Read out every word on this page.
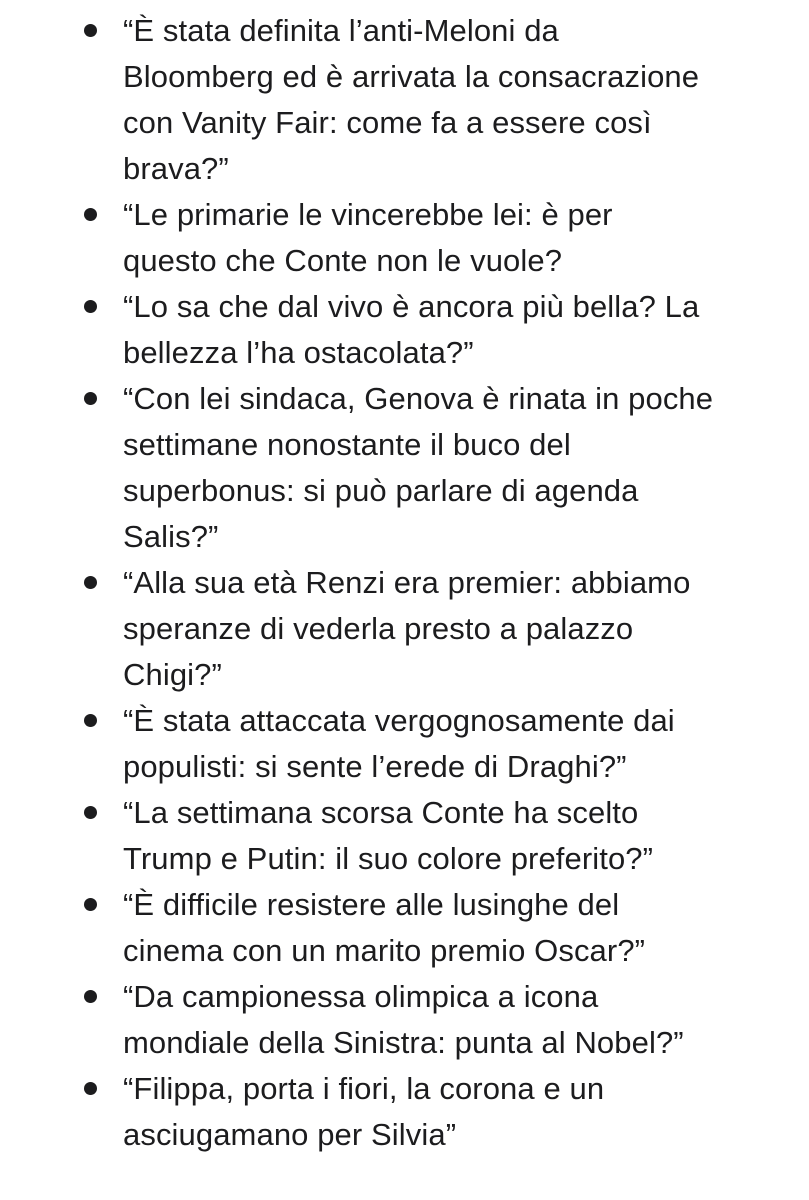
“È stata definita l’anti-Meloni da
Bloomberg ed è arrivata la consacrazione
con Vanity Fair: come fa a essere così
brava?”
“Le primarie le vincerebbe lei: è per
questo che Conte non le vuole?
“Lo sa che dal vivo è ancora più bella? La
bellezza l’ha ostacolata?”
“Con lei sindaca, Genova è rinata in poche
settimane nonostante il buco del
superbonus: si può parlare di agenda
Salis?”
“Alla sua età Renzi era premier: abbiamo
speranze di vederla presto a palazzo
Chigi?”
“È stata attaccata vergognosamente dai
populisti: si sente l’erede di Draghi?”
“La settimana scorsa Conte ha scelto
Trump e Putin: il suo colore preferito?”
“È difficile resistere alle lusinghe del
cinema con un marito premio Oscar?”
“Da campionessa olimpica a icona
mondiale della Sinistra: punta al Nobel?”
“Filippa, porta i fiori, la corona e un
asciugamano per Silvia”
